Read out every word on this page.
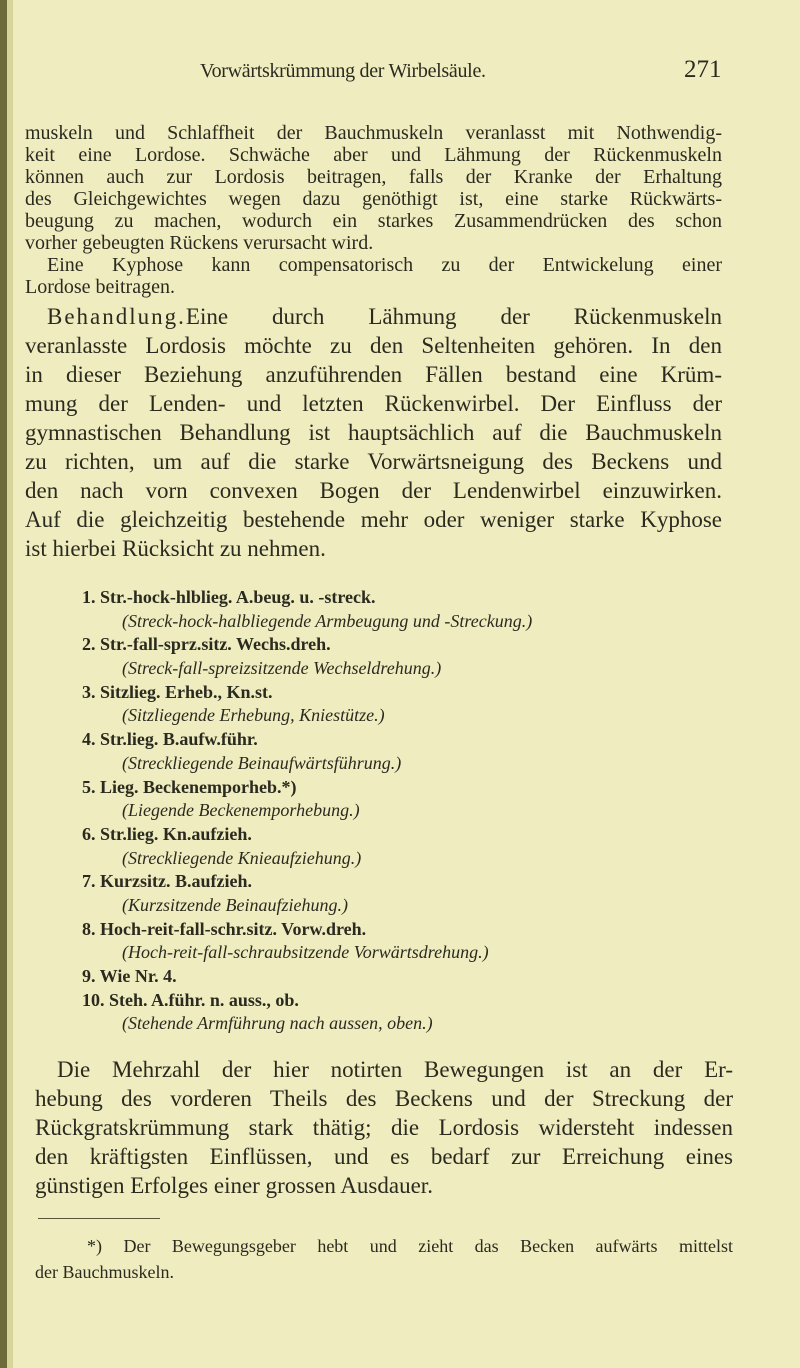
Vorwärtskrümmung der Wirbelsäule.	271
muskeln und Schlaffheit der Bauchmuskeln veranlasst mit Nothwendig-
keit eine Lordose. Schwäche aber und Lähmung der Rückenmuskeln
können auch zur Lordosis beitragen, falls der Kranke der Erhaltung
des Gleichgewichtes wegen dazu genöthigt ist, eine starke Rückwärts-
beugung zu machen, wodurch ein starkes Zusammendrücken des schon
vorher gebeugten Rückens verursacht wird.
Eine Kyphose kann compensatorisch zu der Entwickelung einer
Lordose beitragen.
Behandlung. Eine durch Lähmung der Rückenmuskeln
veranlasste Lordosis möchte zu den Seltenheiten gehören. In den
in dieser Beziehung anzuführenden Fällen bestand eine Krüm-
mung der Lenden- und letzten Rückenwirbel. Der Einfluss der
gymnastischen Behandlung ist hauptsächlich auf die Bauchmuskeln
zu richten, um auf die starke Vorwärtsneigung des Beckens und
den nach vorn convexen Bogen der Lendenwirbel einzuwirken.
Auf die gleichzeitig bestehende mehr oder weniger starke Kyphose
ist hierbei Rücksicht zu nehmen.
1. Str.-hock-hlblieg. A.beug. u. -streck.
(Streck-hock-halbliegende Armbeugung und -Streckung.)
2. Str.-fall-sprz.sitz. Wechs.dreh.
(Streck-fall-spreizsitzende Wechseldrehung.)
3. Sitzlieg. Erheb., Kn.st.
(Sitzliegende Erhebung, Kniestütze.)
4. Str.lieg. B.aufw.führ.
(Streckliegende Beinaufwärtsführung.)
5. Lieg. Beckenemporheb.*)
(Liegende Beckenemporhebung.)
6. Str.lieg. Kn.aufzieh.
(Streckliegende Knieaufziehung.)
7. Kurzsitz. B.aufzieh.
(Kurzsitzende Beinaufziehung.)
8. Hoch-reit-fall-schr.sitz. Vorw.dreh.
(Hoch-reit-fall-schraubsitzende Vorwärtsdrehung.)
9. Wie Nr. 4.
10. Steh. A.führ. n. auss., ob.
(Stehende Armführung nach aussen, oben.)
Die Mehrzahl der hier notirten Bewegungen ist an der Er-
hebung des vorderen Theils des Beckens und der Streckung der
Rückgratskrümmung stark thätig; die Lordosis widersteht indessen
den kräftigsten Einflüssen, und es bedarf zur Erreichung eines
günstigen Erfolges einer grossen Ausdauer.
*) Der Bewegungsgeber hebt und zieht das Becken aufwärts mittelst
der Bauchmuskeln.
